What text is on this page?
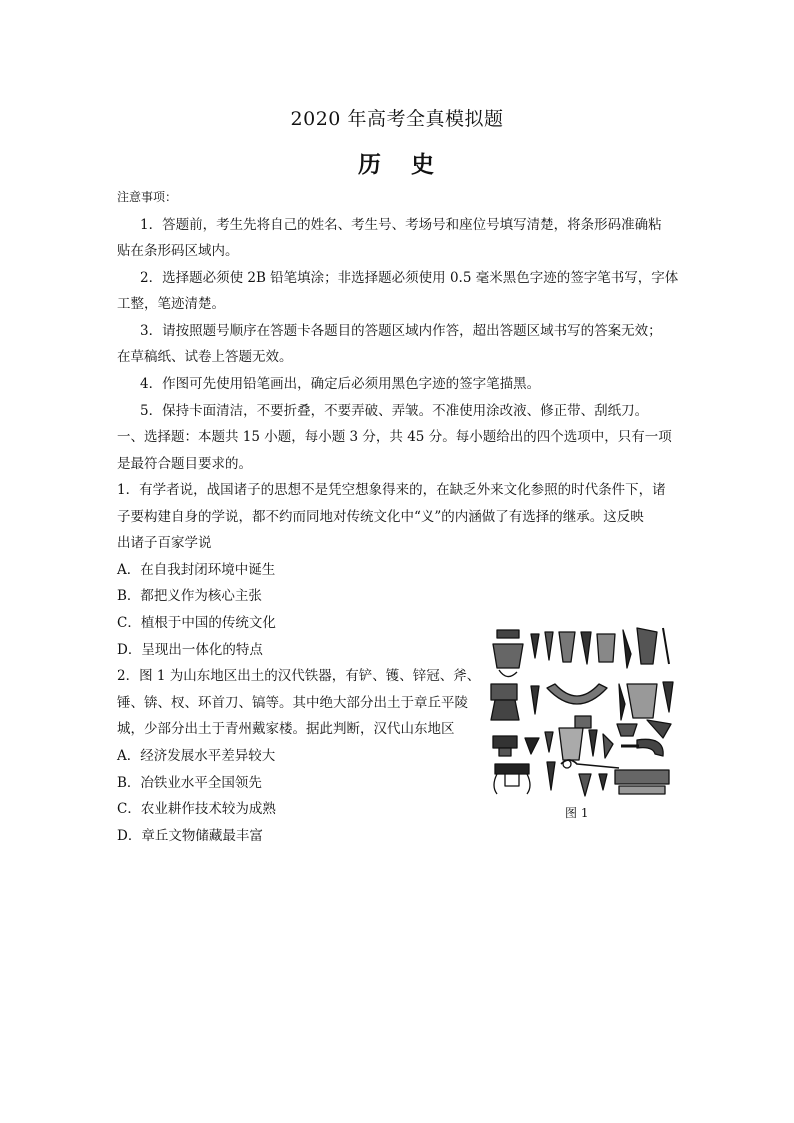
2020 年高考全真模拟题
历 史
注意事项：
1．答题前，考生先将自己的姓名、考生号、考场号和座位号填写清楚，将条形码准确粘
贴在条形码区域内。
2．选择题必须使 2B 铅笔填涂；非选择题必须使用 0.5 毫米黑色字迹的签字笔书写，字体
工整，笔迹清楚。
3．请按照题号顺序在答题卡各题目的答题区域内作答，超出答题区域书写的答案无效；
在草稿纸、试卷上答题无效。
4．作图可先使用铅笔画出，确定后必须用黑色字迹的签字笔描黑。
5．保持卡面清洁，不要折叠，不要弄破、弄皱。不准使用涂改液、修正带、刮纸刀。
一、选择题：本题共 15 小题，每小题 3 分，共 45 分。每小题给出的四个选项中，只有一项
是最符合题目要求的。
1．有学者说，战国诸子的思想不是凭空想象得来的，在缺乏外来文化参照的时代条件下，诸
子要构建自身的学说，都不约而同地对传统文化中“义”的内涵做了有选择的继承。这反映
出诸子百家学说
A．在自我封闭环境中诞生
B．都把义作为核心主张
C．植根于中国的传统文化
D．呈现出一体化的特点
2．图 1 为山东地区出土的汉代铁器，有铲、镬、锌冠、斧、
锤、锛、杈、环首刀、镐等。其中绝大部分出土于章丘平陵
城，少部分出土于青州戴家楼。据此判断，汉代山东地区
A．经济发展水平差异较大
B．冶铁业水平全国领先
C．农业耕作技术较为成熟
D．章丘文物储藏最丰富
图 1
